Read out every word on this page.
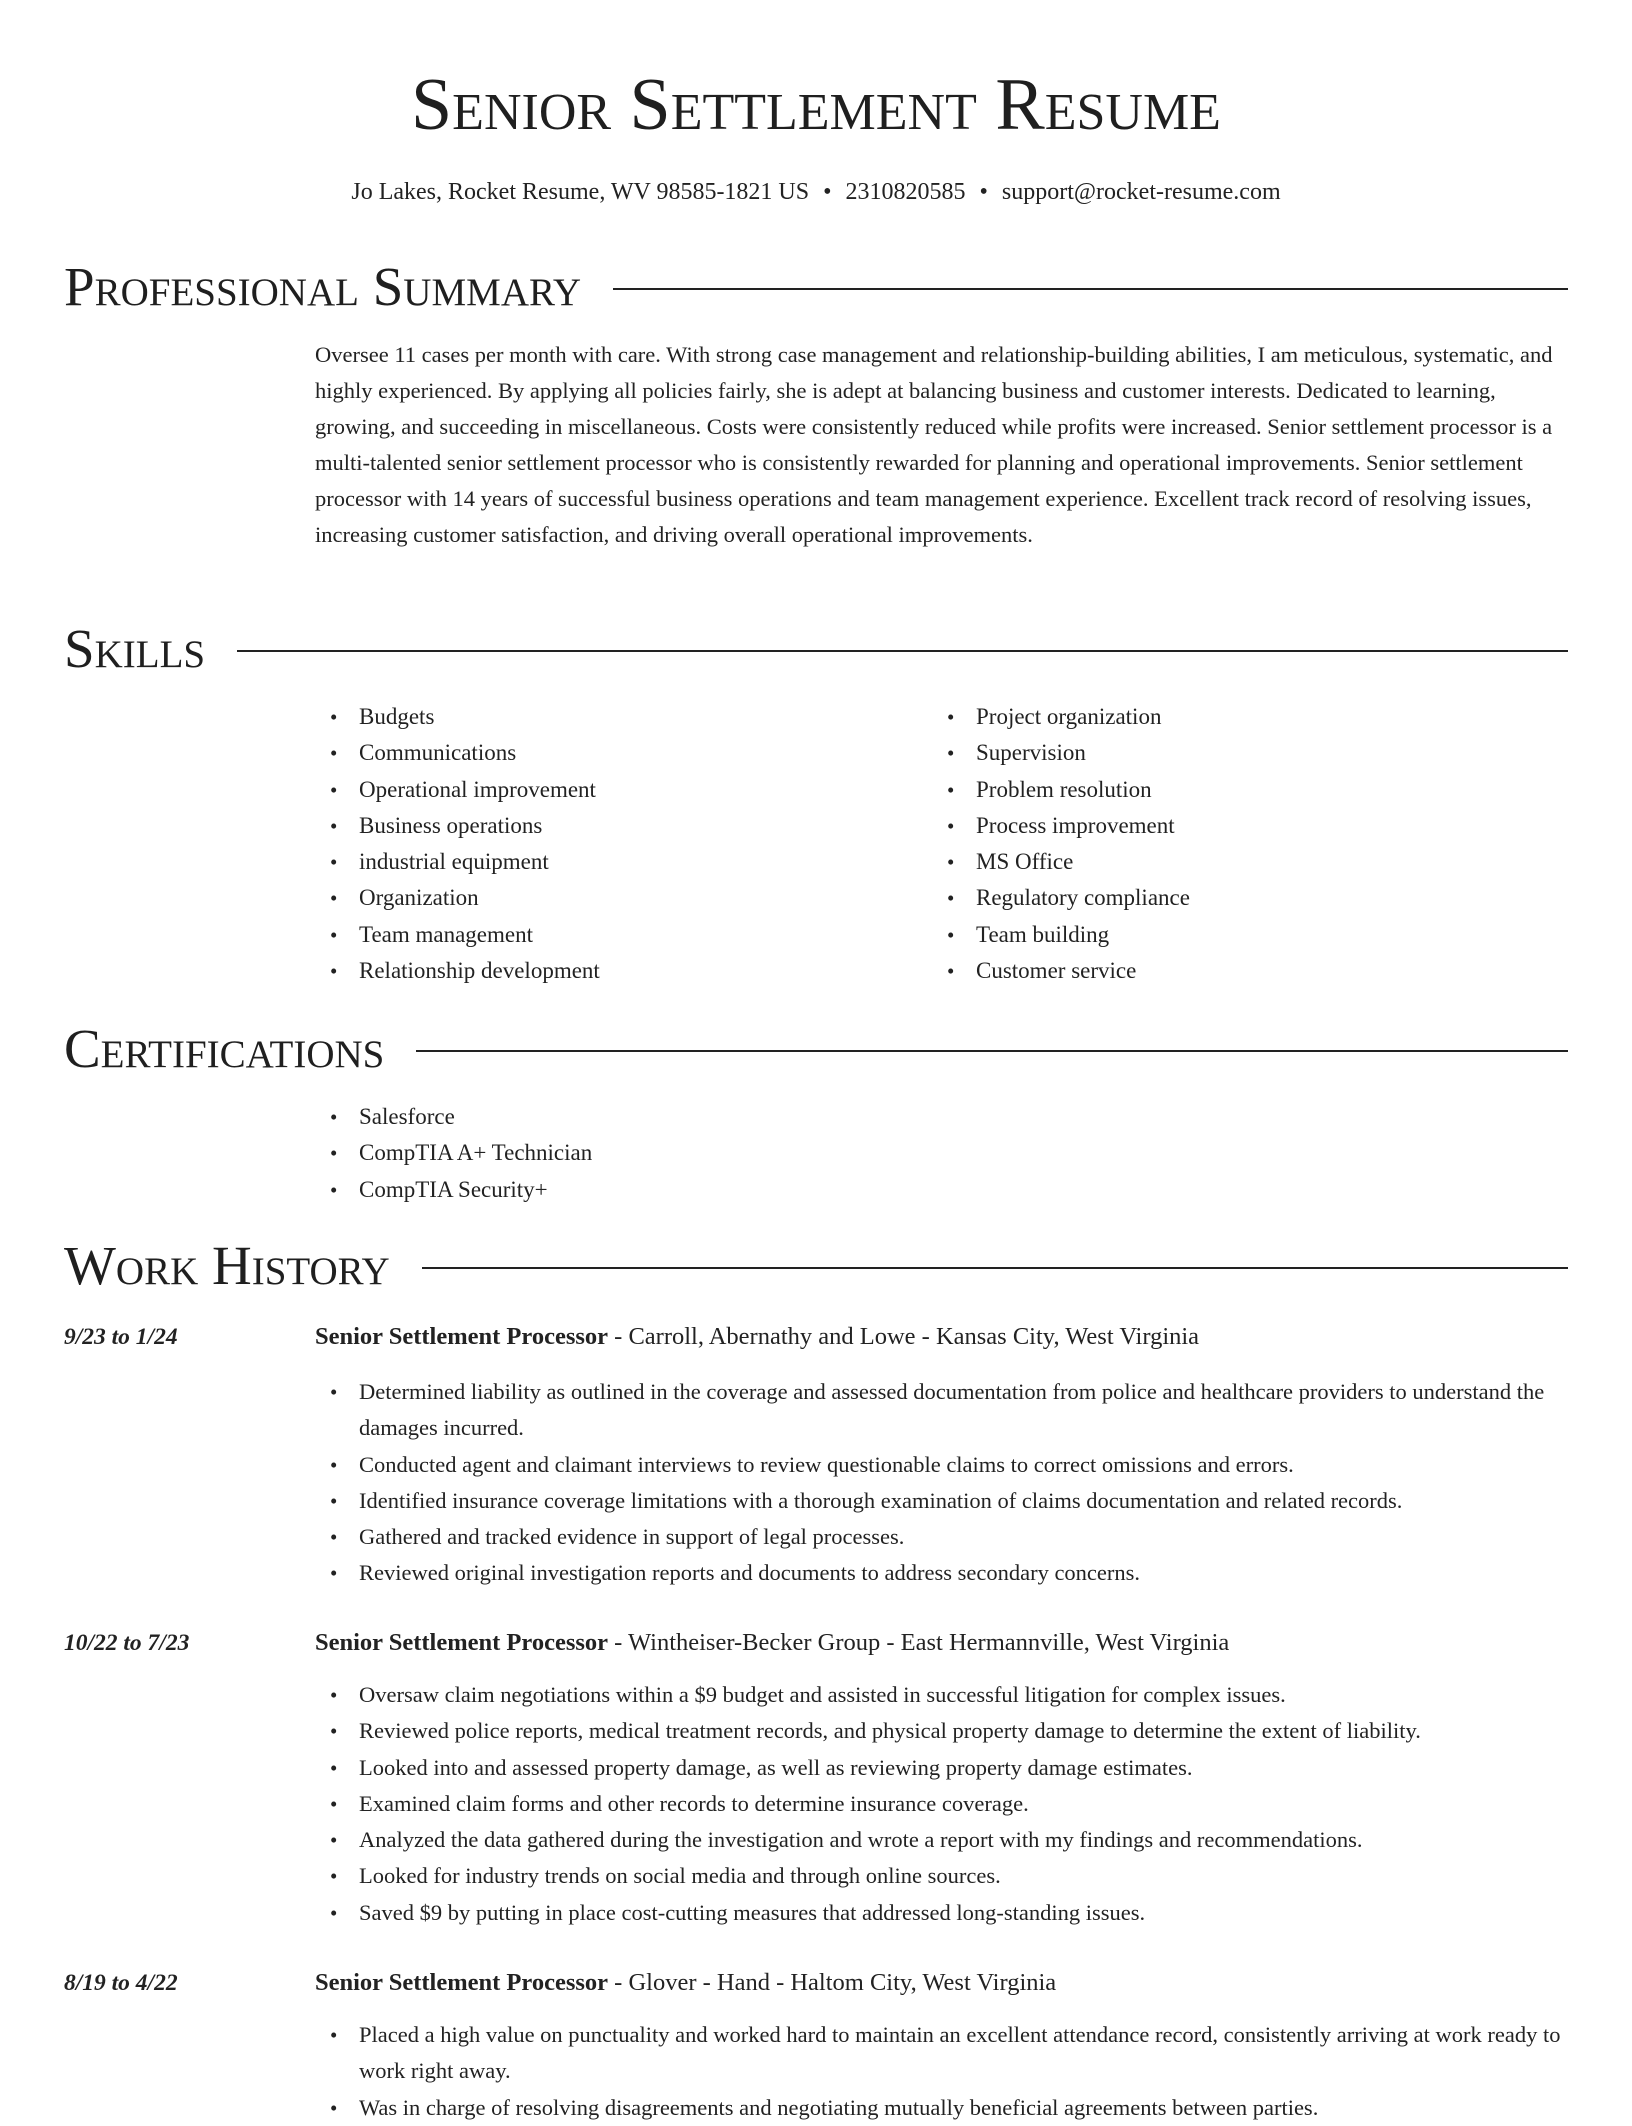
Senior Settlement Resume
Jo Lakes, Rocket Resume, WV 98585-1821 US • 2310820585 • support@rocket-resume.com
Professional Summary

Oversee 11 cases per month with care. With strong case management and relationship-building abilities, I am meticulous, systematic, and highly experienced. By applying all policies fairly, she is adept at balancing business and customer interests. Dedicated to learning, growing, and succeeding in miscellaneous. Costs were consistently reduced while profits were increased. Senior settlement processor is a multi-talented senior settlement processor who is consistently rewarded for planning and operational improvements. Senior settlement processor with 14 years of successful business operations and team management experience. Excellent track record of resolving issues, increasing customer satisfaction, and driving overall operational improvements.

Skills
• Budgets
• Communications
• Operational improvement
• Business operations
• industrial equipment
• Organization
• Team management
• Relationship development
• Project organization
• Supervision
• Problem resolution
• Process improvement
• MS Office
• Regulatory compliance
• Team building
• Customer service
Certifications
• Salesforce
• CompTIA A+ Technician
• CompTIA Security+
Work History
9/23 to 1/24	Senior Settlement Processor - Carroll, Abernathy and Lowe - Kansas City, West Virginia
• Determined liability as outlined in the coverage and assessed documentation from police and healthcare providers to understand the damages incurred.
• Conducted agent and claimant interviews to review questionable claims to correct omissions and errors.
• Identified insurance coverage limitations with a thorough examination of claims documentation and related records.
• Gathered and tracked evidence in support of legal processes.
• Reviewed original investigation reports and documents to address secondary concerns.
10/22 to 7/23	Senior Settlement Processor - Wintheiser-Becker Group - East Hermannville, West Virginia
• Oversaw claim negotiations within a $9 budget and assisted in successful litigation for complex issues.
• Reviewed police reports, medical treatment records, and physical property damage to determine the extent of liability.
• Looked into and assessed property damage, as well as reviewing property damage estimates.
• Examined claim forms and other records to determine insurance coverage.
• Analyzed the data gathered during the investigation and wrote a report with my findings and recommendations.
• Looked for industry trends on social media and through online sources.
• Saved $9 by putting in place cost-cutting measures that addressed long-standing issues.
8/19 to 4/22	Senior Settlement Processor - Glover - Hand - Haltom City, West Virginia
• Placed a high value on punctuality and worked hard to maintain an excellent attendance record, consistently arriving at work ready to work right away.
• Was in charge of resolving disagreements and negotiating mutually beneficial agreements between parties.
